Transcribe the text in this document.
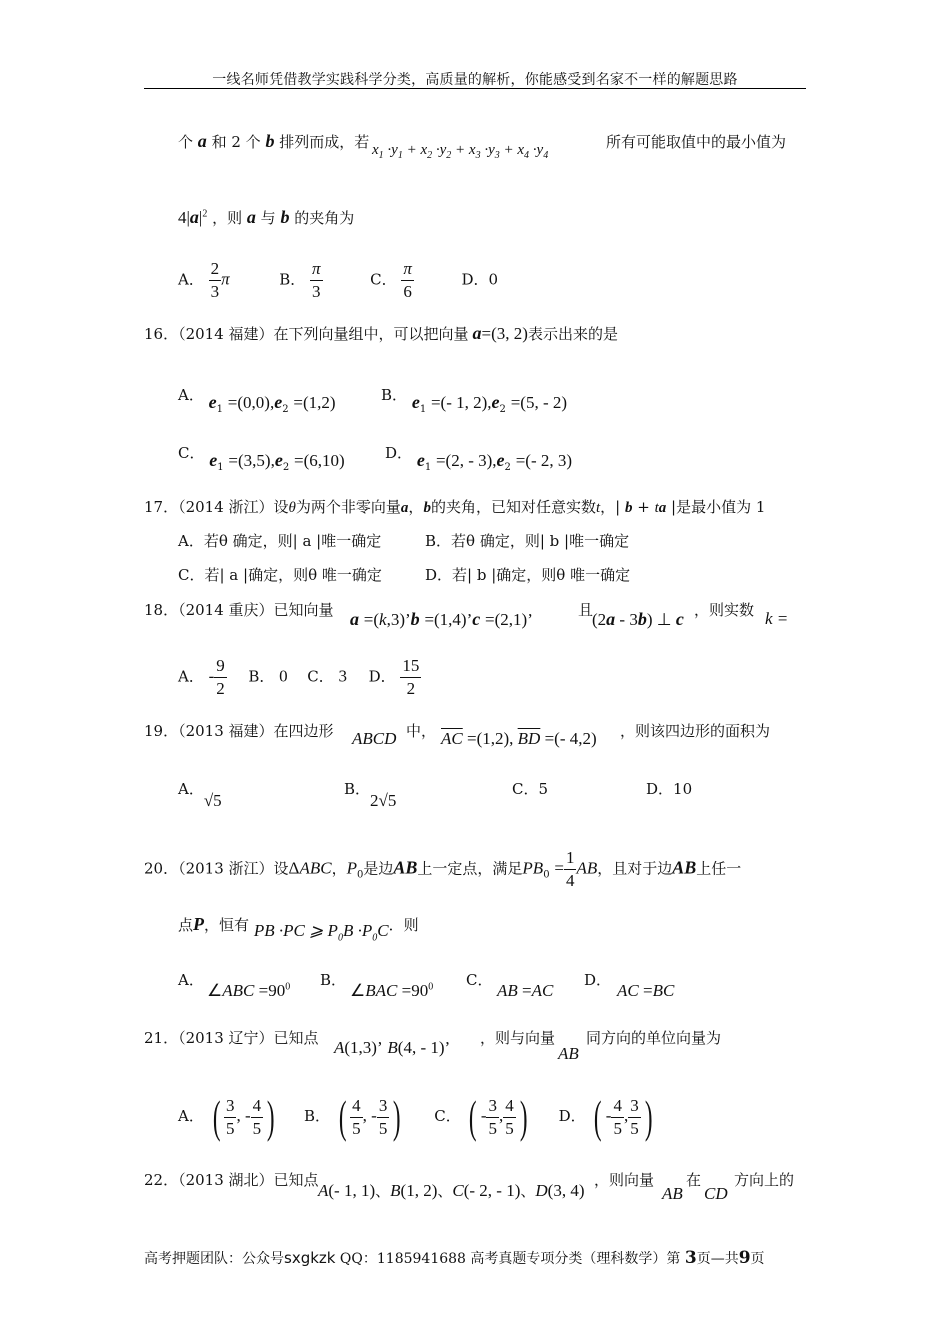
一线名师凭借教学实践科学分类，高质量的解析，你能感受到名家不一样的解题思路
个 a 和 2 个 b 排列而成，若 $x_1 \cdot y_1 + x_2 \cdot y_2 + x_3 \cdot y_3 + x_4 \cdot y_4$
所有可能取值中的最小值为
$4|a|^2$ ，则 a 与 b 的夹角为
A． $\frac{2}{3}$ π	B． $\frac{\pi}{3}$	C． $\frac{\pi}{6}$	D．0
16．（2014 福建）在下列向量组中，可以把向量 a=(3, 2)表示出来的是
A． $e_1 =(0,0),e_2 =(1,2)$	B． $e_1$ =(- 1, $2),e_2 =(5$, - 2)
C． $e_1 =(3,5),e_2 =(6,10)$	D． $e_1 =(2$, - $3),e_2$ =(- 2, 3)
17．（2014 浙江）设θ为两个非零向量a，b的夹角，已知对任意实数t，| b + ta |是最小值为 1
A．若θ 确定，则| a |唯一确定	B．若θ 确定，则| b |唯一确定
C．若| a |确定，则θ 唯一确定	D．若| b |确定，则θ 唯一确定
18．（2014 重庆）已知向量 a =(k,3)’b =(1,4)’c =(2,1)’	且
(2a - 3b) ⊥ c ，则实数 k =
A． - $\frac{9}{2}$ B． 0 C． 3 D． $\frac{15}{2}$
19．（2013 福建）在四边形 ABCD 中， $\overline{AC} =(1,2)$, $\overline{BD}$ =(- 4,2) ，则该四边形的面积为
A．√5
B．2√5
C．5	D．10
20．（2013 浙江）设ΔABC，$P_0$是边AB上一定点，满足$PB_0 = \frac{1}{4}$ AB，且对于边AB上任一
点P，恒有 PB ·PC ⩾ $P_0B \cdot P_0C$．则
A．
∠ABC $=90^0$ B．
∠BAC $=90^0$ C．
AB =AC
D．
AC =BC
21．（2013 辽宁）已知点 A(1,3)’ B(4, - 1)’ ，则与向量
AB
同方向的单位向量为
A． ( $\frac{3}{5}$ , - $\frac{4}{5}$ ) B． ( $\frac{4}{5}$ , - $\frac{3}{5}$ ) C． ( - $\frac{3}{5}$ , $\frac{4}{5}$ ) D． ( - $\frac{4}{5}$ , $\frac{3}{5}$ )
22．（2013 湖北）已知点
A(- 1, 1)、B(1, 2)、C(- 2, - 1)、D(3, 4)
，则向量
AB
在
CD
方向上的
高考押题团队：公众号sxgkzk QQ：1185941688 高考真题专项分类（理科数学）第 3页—共9页
